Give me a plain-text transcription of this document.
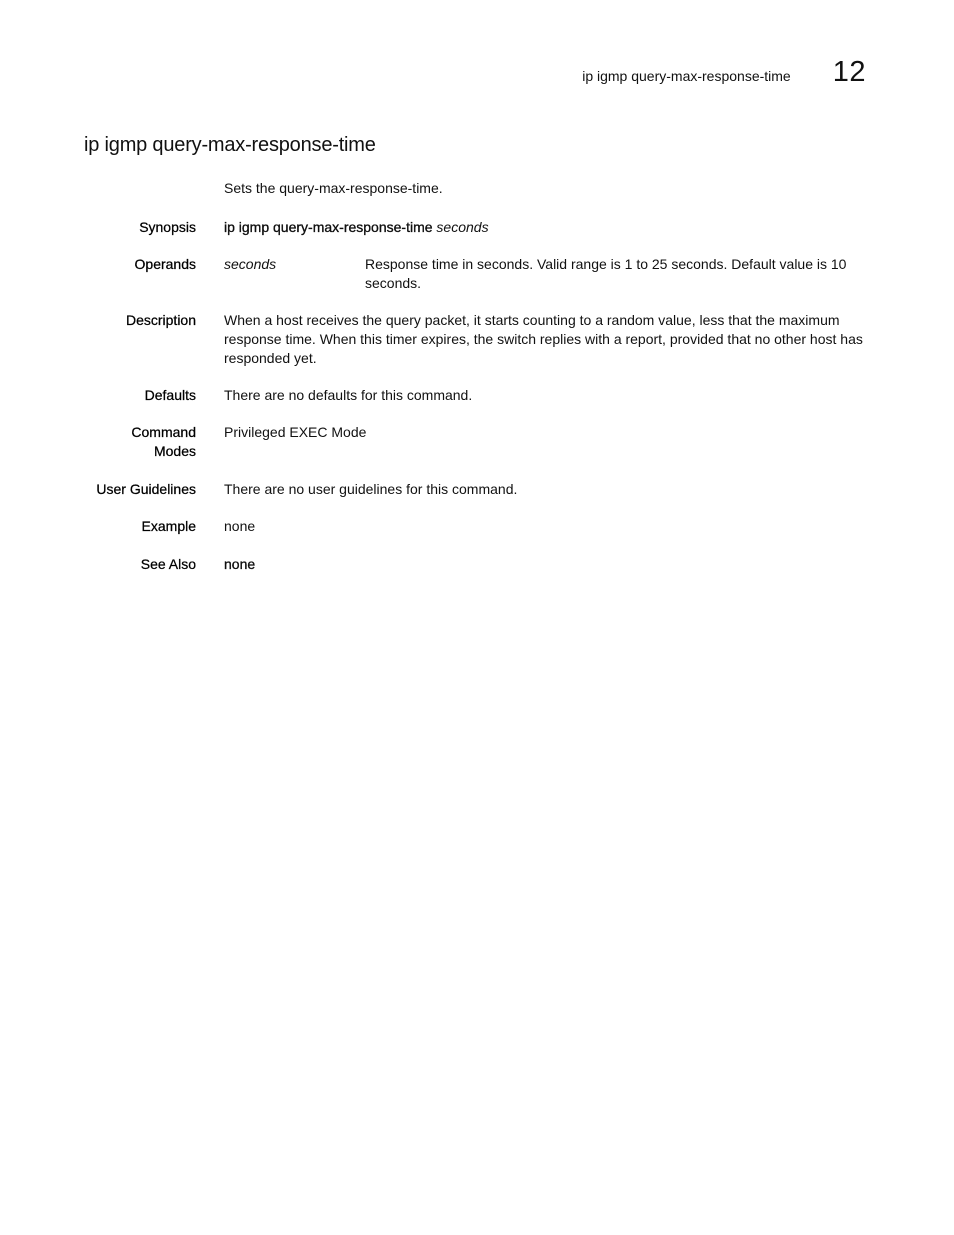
ip igmp query-max-response-time 12
ip igmp query-max-response-time
Sets the query-max-response-time.
Synopsis ip igmp query-max-response-time seconds
Operands seconds	Response time in seconds. Valid range is 1 to 25 seconds. Default value is 10 seconds.
Description When a host receives the query packet, it starts counting to a random value, less that the maximum response time. When this timer expires, the switch replies with a report, provided that no other host has responded yet.
Defaults There are no defaults for this command.
Command
Modes
Privileged EXEC Mode
User Guidelines There are no user guidelines for this command.
Example none
See Also none
